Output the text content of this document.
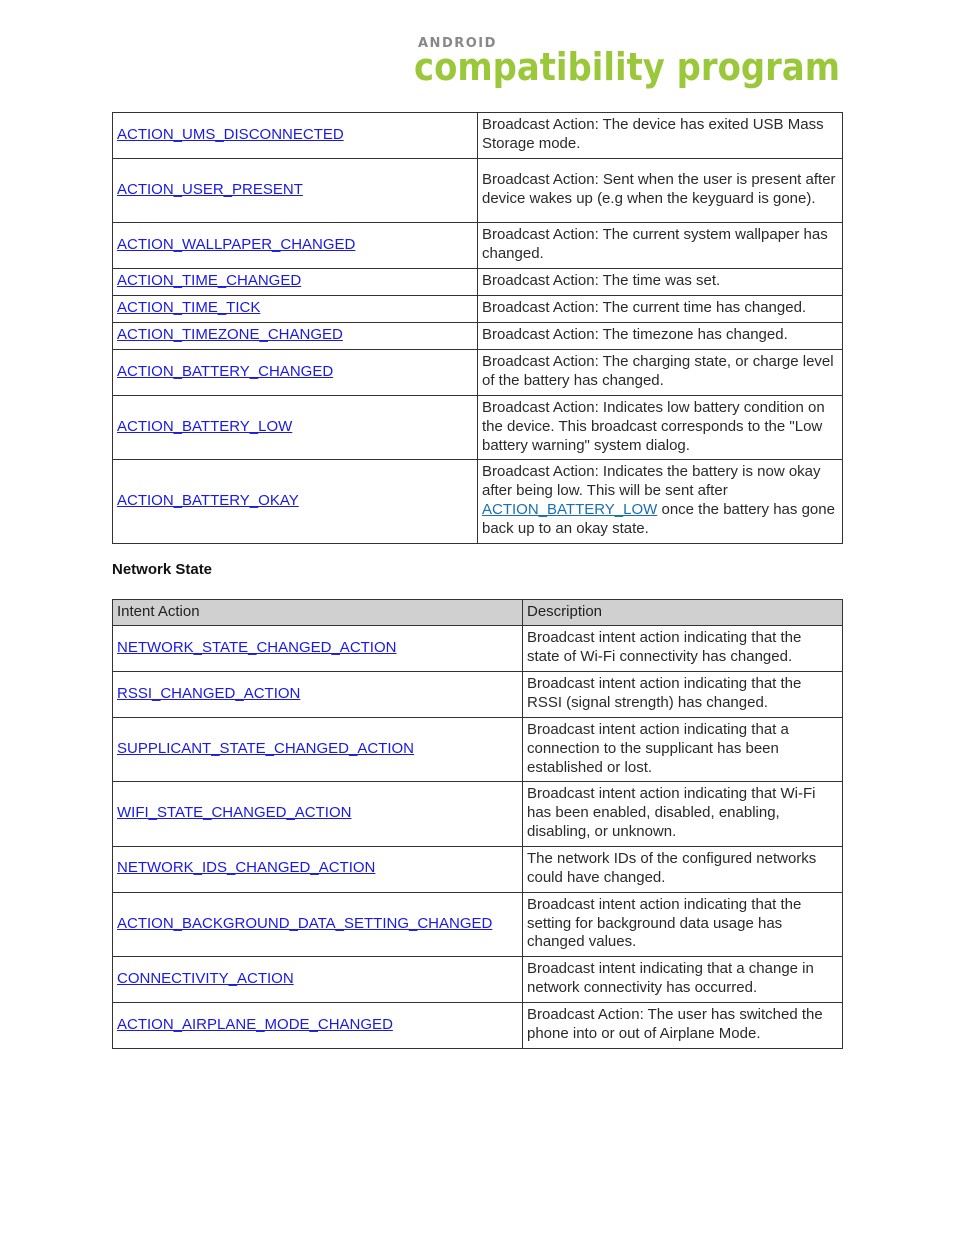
ANDROID
compatibility program
ACTION_UMS_DISCONNECTED	Broadcast Action: The device has exited USB Mass Storage mode.
ACTION_USER_PRESENT	Broadcast Action: Sent when the user is present after device wakes up (e.g when the keyguard is gone).
ACTION_WALLPAPER_CHANGED	Broadcast Action: The current system wallpaper has changed.
ACTION_TIME_CHANGED	Broadcast Action: The time was set.
ACTION_TIME_TICK	Broadcast Action: The current time has changed.
ACTION_TIMEZONE_CHANGED	Broadcast Action: The timezone has changed.
ACTION_BATTERY_CHANGED	Broadcast Action: The charging state, or charge level of the battery has changed.
ACTION_BATTERY_LOW	Broadcast Action: Indicates low battery condition on the device. This broadcast corresponds to the "Low battery warning" system dialog.
ACTION_BATTERY_OKAY	Broadcast Action: Indicates the battery is now okay after being low. This will be sent after ACTION_BATTERY_LOW once the battery has gone back up to an okay state.
Network State
Intent Action	Description
NETWORK_STATE_CHANGED_ACTION	Broadcast intent action indicating that the state of Wi-Fi connectivity has changed.
RSSI_CHANGED_ACTION	Broadcast intent action indicating that the RSSI (signal strength) has changed.
SUPPLICANT_STATE_CHANGED_ACTION	Broadcast intent action indicating that a connection to the supplicant has been established or lost.
WIFI_STATE_CHANGED_ACTION	Broadcast intent action indicating that Wi-Fi has been enabled, disabled, enabling, disabling, or unknown.
NETWORK_IDS_CHANGED_ACTION	The network IDs of the configured networks could have changed.
ACTION_BACKGROUND_DATA_SETTING_CHANGED	Broadcast intent action indicating that the setting for background data usage has changed values.
CONNECTIVITY_ACTION	Broadcast intent indicating that a change in network connectivity has occurred.
ACTION_AIRPLANE_MODE_CHANGED	Broadcast Action: The user has switched the phone into or out of Airplane Mode.
